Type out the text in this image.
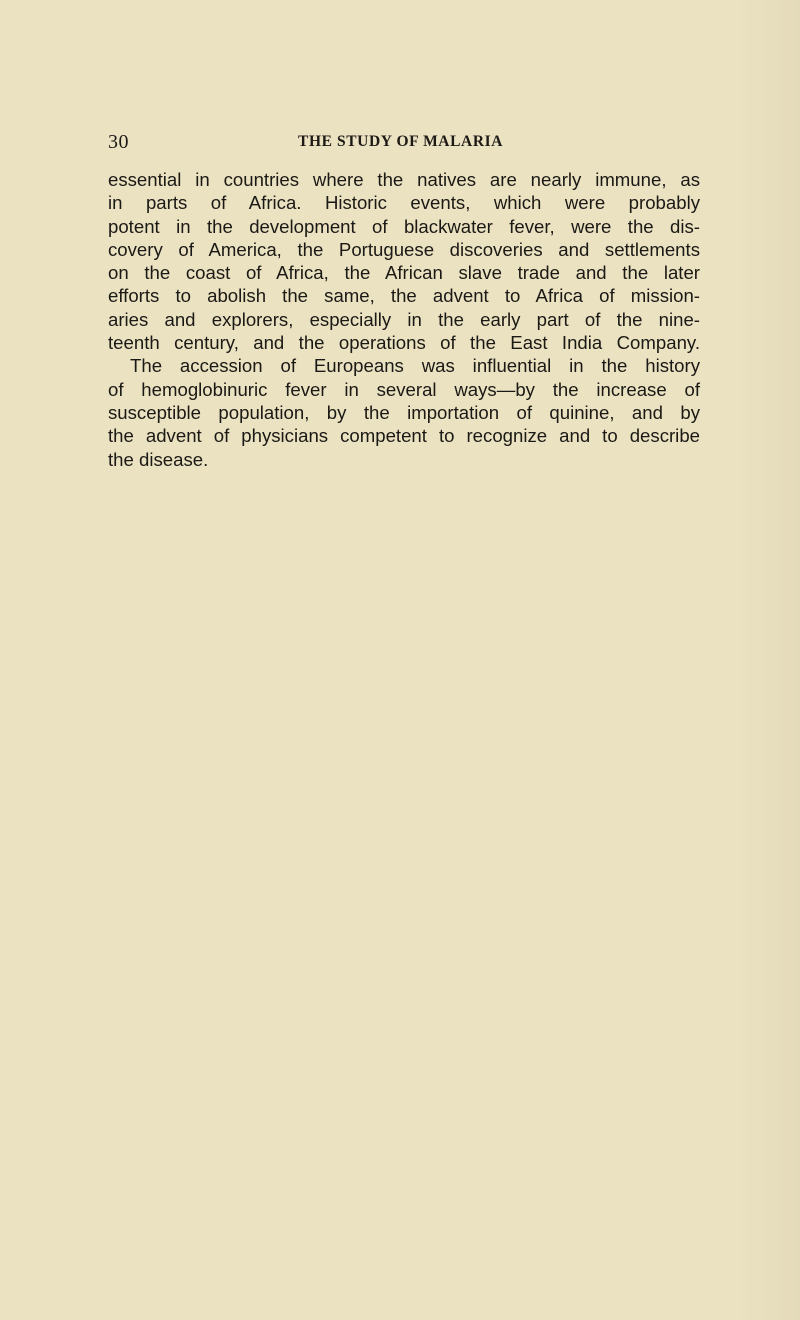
30	THE STUDY OF MALARIA
essential in countries where the natives are nearly immune, as
in parts of Africa. Historic events, which were probably
potent in the development of blackwater fever, were the dis-
covery of America, the Portuguese discoveries and settlements
on the coast of Africa, the African slave trade and the later
efforts to abolish the same, the advent to Africa of mission-
aries and explorers, especially in the early part of the nine-
teenth century, and the operations of the East India Company.
The accession of Europeans was influential in the history
of hemoglobinuric fever in several ways—by the increase of
susceptible population, by the importation of quinine, and by
the advent of physicians competent to recognize and to describe
the disease.
